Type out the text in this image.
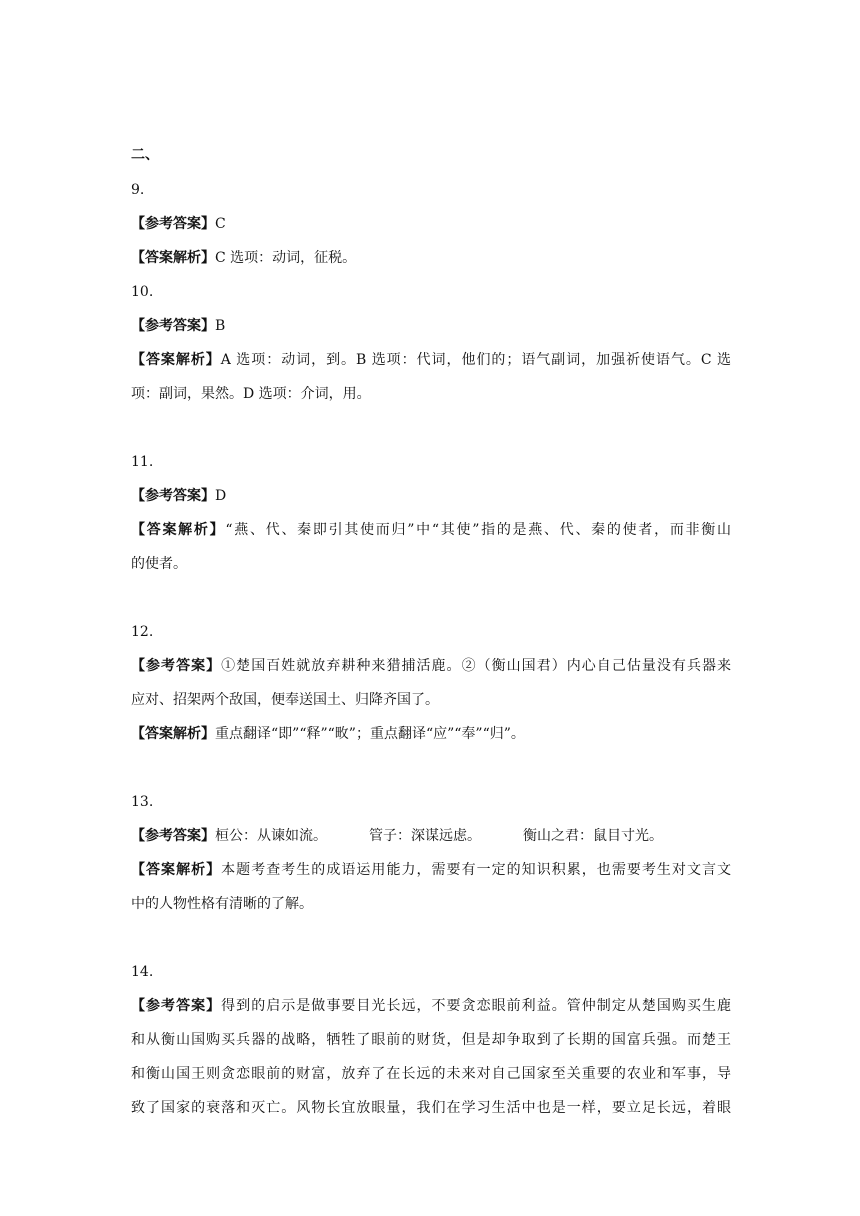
二、
9.
【参考答案】C
【答案解析】C 选项：动词，征税。
10.
【参考答案】B
【答案解析】A 选项：动词，到。B 选项：代词，他们的；语气副词，加强祈使语气。C 选
项：副词，果然。D 选项：介词，用。
11.
【参考答案】D
【答案解析】“燕、代、秦即引其使而归”中“其使”指的是燕、代、秦的使者，而非衡山
的使者。
12.
【参考答案】①楚国百姓就放弃耕种来猎捕活鹿。②（衡山国君）内心自己估量没有兵器来
应对、招架两个敌国，便奉送国土、归降齐国了。
【答案解析】重点翻译“即”“释”“畋”；重点翻译“应”“奉”“归”。
13.
【参考答案】桓公：从谏如流。	管子：深谋远虑。	衡山之君：鼠目寸光。
【答案解析】本题考查考生的成语运用能力，需要有一定的知识积累，也需要考生对文言文
中的人物性格有清晰的了解。
14.
【参考答案】得到的启示是做事要目光长远，不要贪恋眼前利益。管仲制定从楚国购买生鹿
和从衡山国购买兵器的战略，牺牲了眼前的财货，但是却争取到了长期的国富兵强。而楚王
和衡山国王则贪恋眼前的财富，放弃了在长远的未来对自己国家至关重要的农业和军事，导
致了国家的衰落和灭亡。风物长宜放眼量，我们在学习生活中也是一样，要立足长远，着眼
